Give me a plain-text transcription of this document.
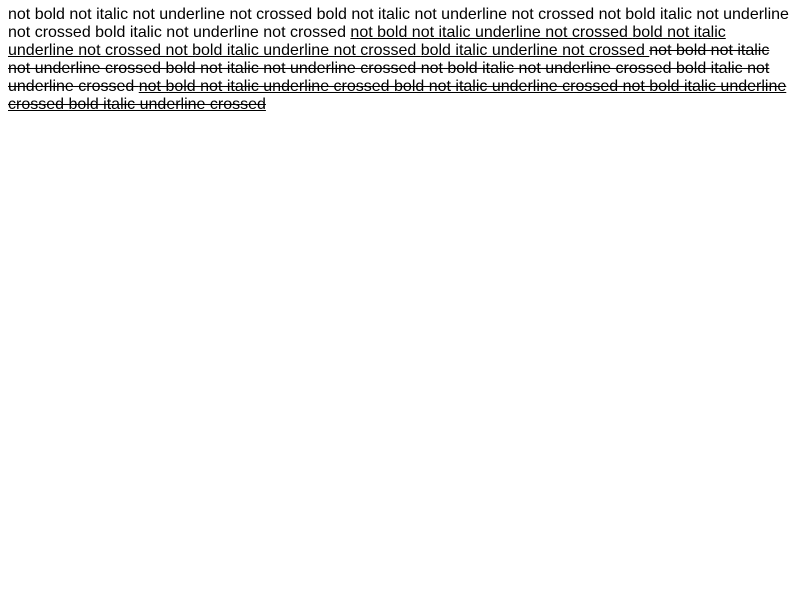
not bold not italic not underline not crossed bold not italic not underline not crossed not bold italic not underline not crossed bold italic not underline not crossed not bold not italic underline not crossed bold not italic underline not crossed not bold italic underline not crossed bold italic underline not crossed not bold not italic not underline crossed bold not italic not underline crossed not bold italic not underline crossed bold italic not underline crossed not bold not italic underline crossed bold not italic underline crossed not bold italic underline crossed bold italic underline crossed
